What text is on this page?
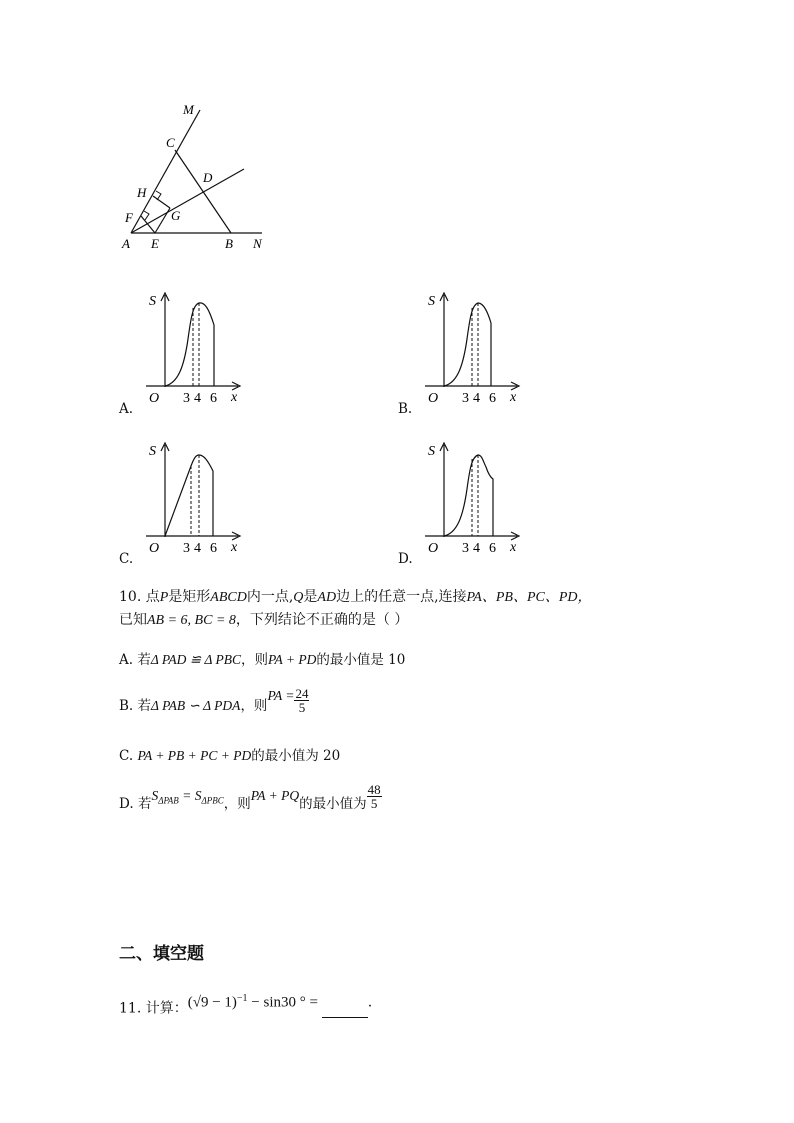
M
C
H
D
F	G
A E	B N
A.
S
O 3 4 6 x
B.
S
O 3 4 6 x
C.
S
O 3 4 6 x
D.
S
O 3 4 6 x
10. 点P是矩形ABCD内一点,Q是AD边上的任意一点,连接PA、PB、PC、PD，
已知AB = 6, BC = 8，下列结论不正确的是（ ）
A. 若Δ PAD ≌ Δ PBC，则PA + PD的最小值是 10
B. 若Δ PAB ∽ Δ PDA，则PA = $\frac{24}{5}$
C. PA + PB + PC + PD的最小值为 20
D. 若$S_{\Delta PAB} = S_{\Delta PBC}$，则PA + PQ的最小值为 $\frac{48}{5}$
二、填空题
11. 计算：$(√9 - 1)^{-1} - \sin 30$ ° =	.
